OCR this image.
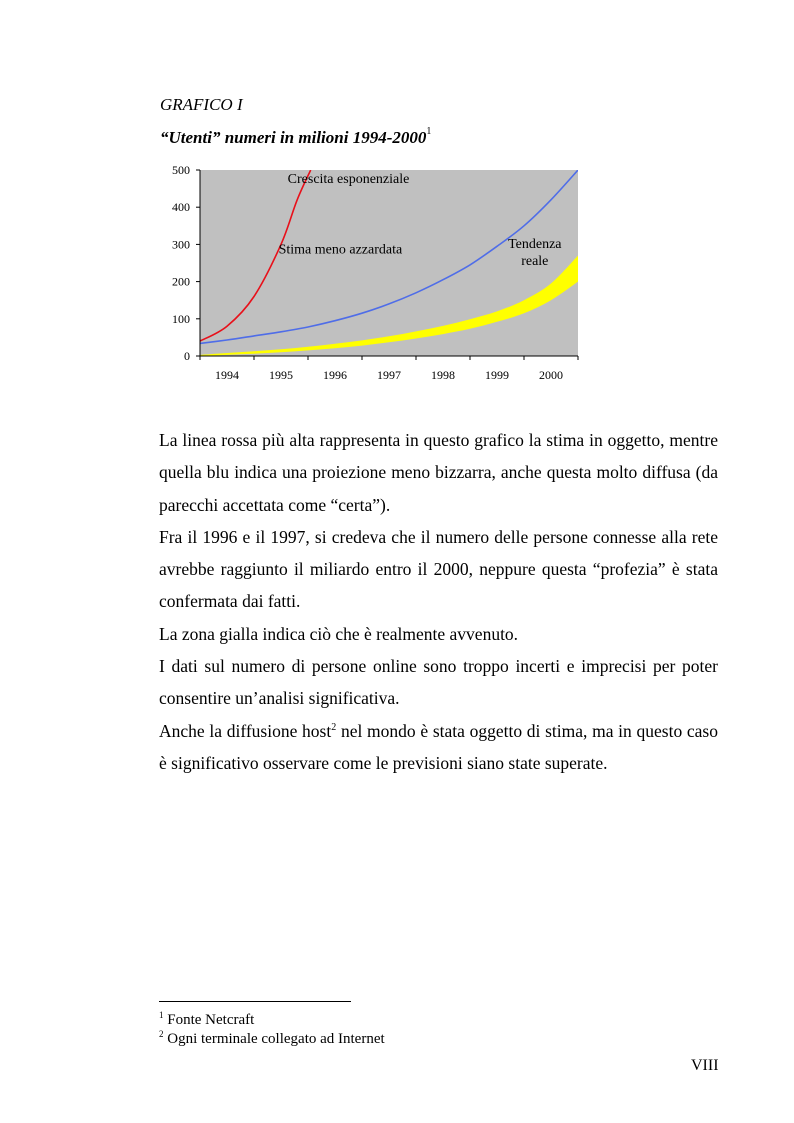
GRAFICO I
“Utenti” numeri in milioni 1994-2000$^1$
0
100
200
300
400
500
1994	1995	1996	1997	1998	1999	2000
Crescita esponenziale
Stima meno azzardata	Tendenza
reale

La linea rossa più alta rappresenta in questo grafico la stima in oggetto, mentre quella blu indica una proiezione meno bizzarra, anche questa molto diffusa (da parecchi accettata come “certa”).

Fra il 1996 e il 1997, si credeva che il numero delle persone connesse alla rete avrebbe raggiunto il miliardo entro il 2000, neppure questa “profezia” è stata confermata dai fatti.

La zona gialla indica ciò che è realmente avvenuto.

I dati sul numero di persone online sono troppo incerti e imprecisi per poter consentire un’analisi significativa.

Anche la diffusione host$^2$ nel mondo è stata oggetto di stima, ma in questo caso è significativo osservare come le previsioni siano state superate.

$^1$ Fonte Netcraft
$^2$ Ogni terminale collegato ad Internet
VIII
